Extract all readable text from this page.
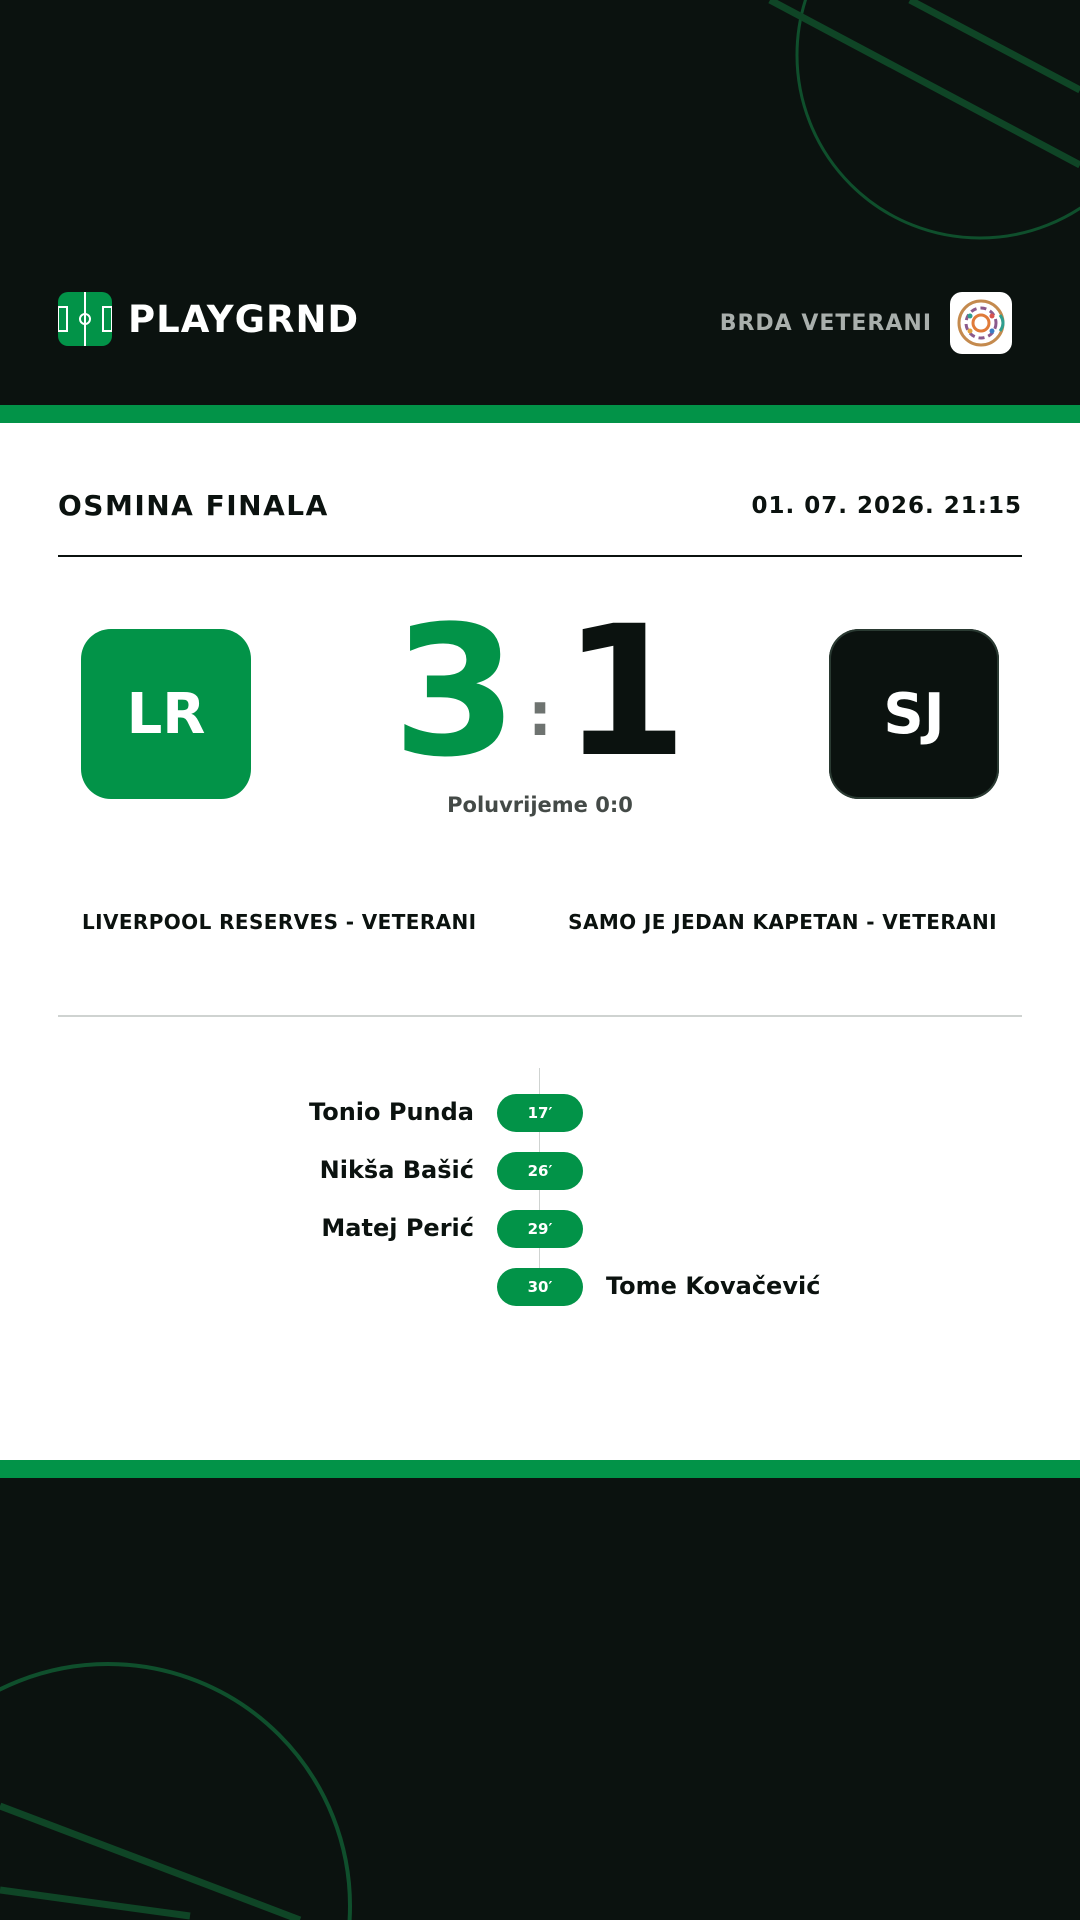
PLAYGRND	BRDA VETERANI
OSMINA FINALA	01. 07. 2026. 21:15
LR 3 : 1	SJ
Poluvrijeme 0:0
LIVERPOOL RESERVES - VETERANI	SAMO JE JEDAN KAPETAN - VETERANI
Tonio Punda	17′
Nikša Bašić	26′
Matej Perić	29′
30′	Tome Kovačević
